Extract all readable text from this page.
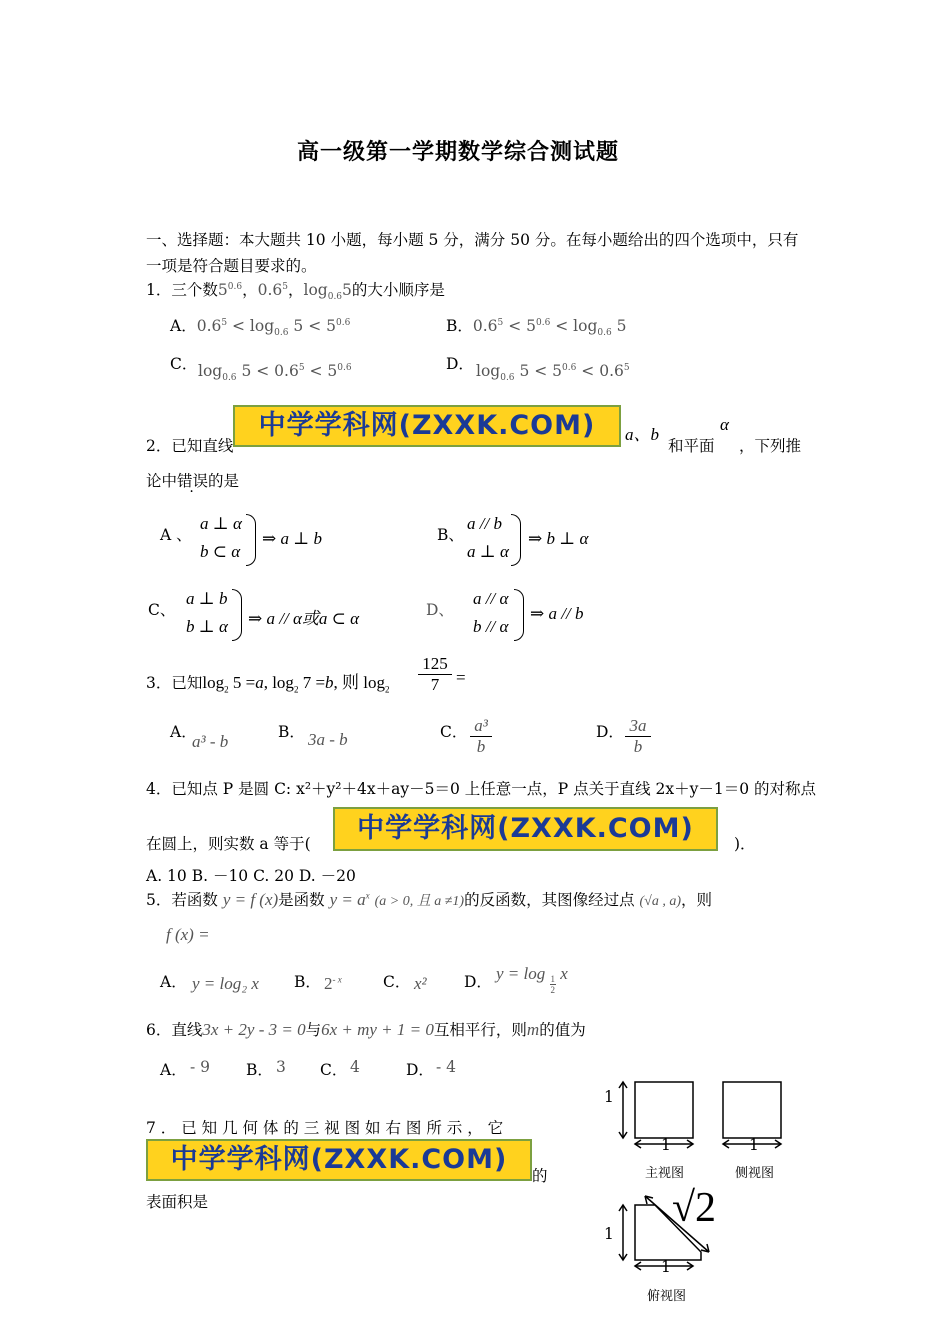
高一级第一学期数学综合测试题
一、选择题：本大题共 10 小题，每小题 5 分，满分 50 分。在每小题给出的四个选项中，只有
一项是符合题目要求的。
1．三个数$5^{0.6}$，$0.6^5$，$\log_{0.6}5$的大小顺序是
A．$0.6^5 < \log_{0.6} 5 < 5^{0.6}$	B．$0.6^5 < 5^{0.6} < \log_{0.6} 5$
C． $\log_{0.6} 5 < 0.6^5 < 5^{0.6}$	D． $\log_{0.6} 5 < 5^{0.6} < 0.6^5$
2．已知直线
中学学科网(ZXXK.COM)	a、b
和平面
α
，下列推
论中错误的是
A 、
a ⊥ α
b ⊂ α
⇒ a ⊥ b	B、
a // b
a ⊥ α
⇒ b ⊥ α
C、
a ⊥ b
b ⊥ α ⇒ a // α或a ⊂ α	D、
a // α
b // α
⇒ a // b
3．已知$\log_2 5 =a$, $\log_2 7 =b$, 则 $\log_2 \frac{125}{7}$ =
A．
a³ - b	B． 3a - b	C． $\frac{\text{a³}}{b}$	D． $\frac{3a}{b}$
4．已知点 P 是圆 C: x²＋y²＋4x＋ay－5＝0 上任意一点，P 点关于直线 2x＋y－1＝0 的对称点
在圆上，则实数 a 等于(	中学学科网(ZXXK.COM)	)．
A. 10 B. －10 C. 20 D. －20
5．若函数 y = f (x)是函数 $y = a^x$ (a > 0, 且 a ≠1)的反函数，其图像经过点 (√a , a)，则
f (x) =
A． y = log₂ x B． $2^{- x}$	C． x² D． $y = \log \frac{1}{2}$ x
6．直线3x + 2y - 3 = 0与6x + my + 1 = 0互相平行，则m的值为
A． - 9 B． 3 C． 4	D． - 4
7 ． 已 知 几 何 体 的 三 视 图 如 右 图 所 示 ， 它
中学学科网(ZXXK.COM)
的
表面积是
1
1	1
主视图	侧视图
1
1
√2
俯视图
